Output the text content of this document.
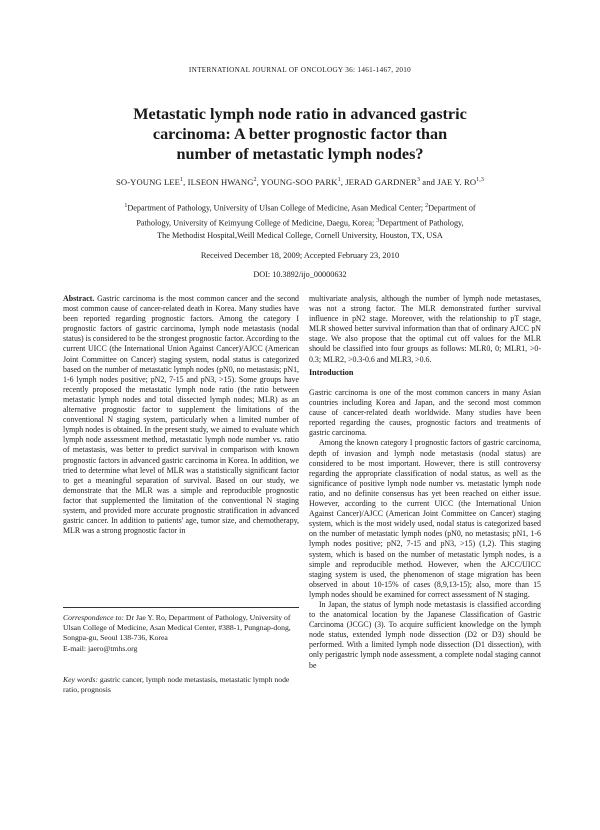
INTERNATIONAL JOURNAL OF ONCOLOGY 36: 1461-1467, 2010
Metastatic lymph node ratio in advanced gastric
carcinoma: A better prognostic factor than
number of metastatic lymph nodes?
SO-YOUNG LEE$^1$, ILSEON HWANG$^2$, YOUNG-SOO PARK$^1$, JERAD GARDNER$^3$ and JAE Y. RO$^{1,3}$
$^1$Department of Pathology, University of Ulsan College of Medicine, Asan Medical Center; $^2$Department of
Pathology, University of Keimyung College of Medicine, Daegu, Korea; $^3$Department of Pathology,
The Methodist Hospital,Weill Medical College, Cornell University, Houston, TX, USA
Received December 18, 2009; Accepted February 23, 2010
DOI: 10.3892/ijo_00000632

Abstract. Gastric carcinoma is the most common cancer and the second most common cause of cancer-related death in Korea. Many studies have been reported regarding prognostic factors. Among the category I prognostic factors of gastric carcinoma, lymph node metastasis (nodal status) is considered to be the strongest prognostic factor. According to the current UICC (the International Union Against Cancer)/AJCC (American Joint Committee on Cancer) staging system, nodal status is categorized based on the number of metastatic lymph nodes (pN0, no metastasis; pN1, 1-6 lymph nodes positive; pN2, 7-15 and pN3, >15). Some groups have recently proposed the metastatic lymph node ratio (the ratio between metastatic lymph nodes and total dissected lymph nodes; MLR) as an alternative prognostic factor to supplement the limitations of the conventional N staging system, particularly when a limited number of lymph nodes is obtained. In the present study, we aimed to evaluate which lymph node assessment method, metastatic lymph node number vs. ratio of metastasis, was better to predict survival in comparison with known prognostic factors in advanced gastric carcinoma in Korea. In addition, we tried to determine what level of MLR was a statistically significant factor to get a meaningful separation of survival. Based on our study, we demonstrate that the MLR was a simple and reproducible prognostic factor that supplemented the limitation of the conventional N staging system, and provided more accurate prognostic stratification in advanced gastric cancer. In addition to patients' age, tumor size, and chemotherapy, MLR was a strong prognostic factor in

Correspondence to: Dr Jae Y. Ro, Department of Pathology, University of Ulsan College of Medicine, Asan Medical Center, #388-1, Pungnap-dong, Songpa-gu, Seoul 138-736, Korea

E-mail: jaero@tmhs.org

Key words: gastric cancer, lymph node metastasis, metastatic lymph node ratio, prognosis

multivariate analysis, although the number of lymph node metastases, was not a strong factor. The MLR demonstrated further survival influence in pN2 stage. Moreover, with the relationship to pT stage, MLR showed better survival information than that of ordinary AJCC pN stage. We also propose that the optimal cut off values for the MLR should be classified into four groups as follows: MLR0, 0; MLR1, >0-0.3; MLR2, >0.3-0.6 and MLR3, >0.6.

Introduction

Gastric carcinoma is one of the most common cancers in many Asian countries including Korea and Japan, and the second most common cause of cancer-related death worldwide. Many studies have been reported regarding the causes, prognostic factors and treatments of gastric carcinoma.

Among the known category I prognostic factors of gastric carcinoma, depth of invasion and lymph node metastasis (nodal status) are considered to be most important. However, there is still controversy regarding the appropriate classification of nodal status, as well as the significance of positive lymph node number vs. metastatic lymph node ratio, and no definite consensus has yet been reached on either issue. However, according to the current UICC (the International Union Against Cancer)/AJCC (American Joint Committee on Cancer) staging system, which is the most widely used, nodal status is categorized based on the number of metastatic lymph nodes (pN0, no metastasis; pN1, 1-6 lymph nodes positive; pN2, 7-15 and pN3, >15) (1,2). This staging system, which is based on the number of metastatic lymph nodes, is a simple and reproducible method. However, when the AJCC/UICC staging system is used, the phenomenon of stage migration has been observed in about 10-15% of cases (8,9,13-15); also, more than 15 lymph nodes should be examined for correct assessment of N staging.

In Japan, the status of lymph node metastasis is classified according to the anatomical location by the Japanese Classification of Gastric Carcinoma (JCGC) (3). To acquire sufficient knowledge on the lymph node status, extended lymph node dissection (D2 or D3) should be performed. With a limited lymph node dissection (D1 dissection), with only perigastric lymph node assessment, a complete nodal staging cannot be
